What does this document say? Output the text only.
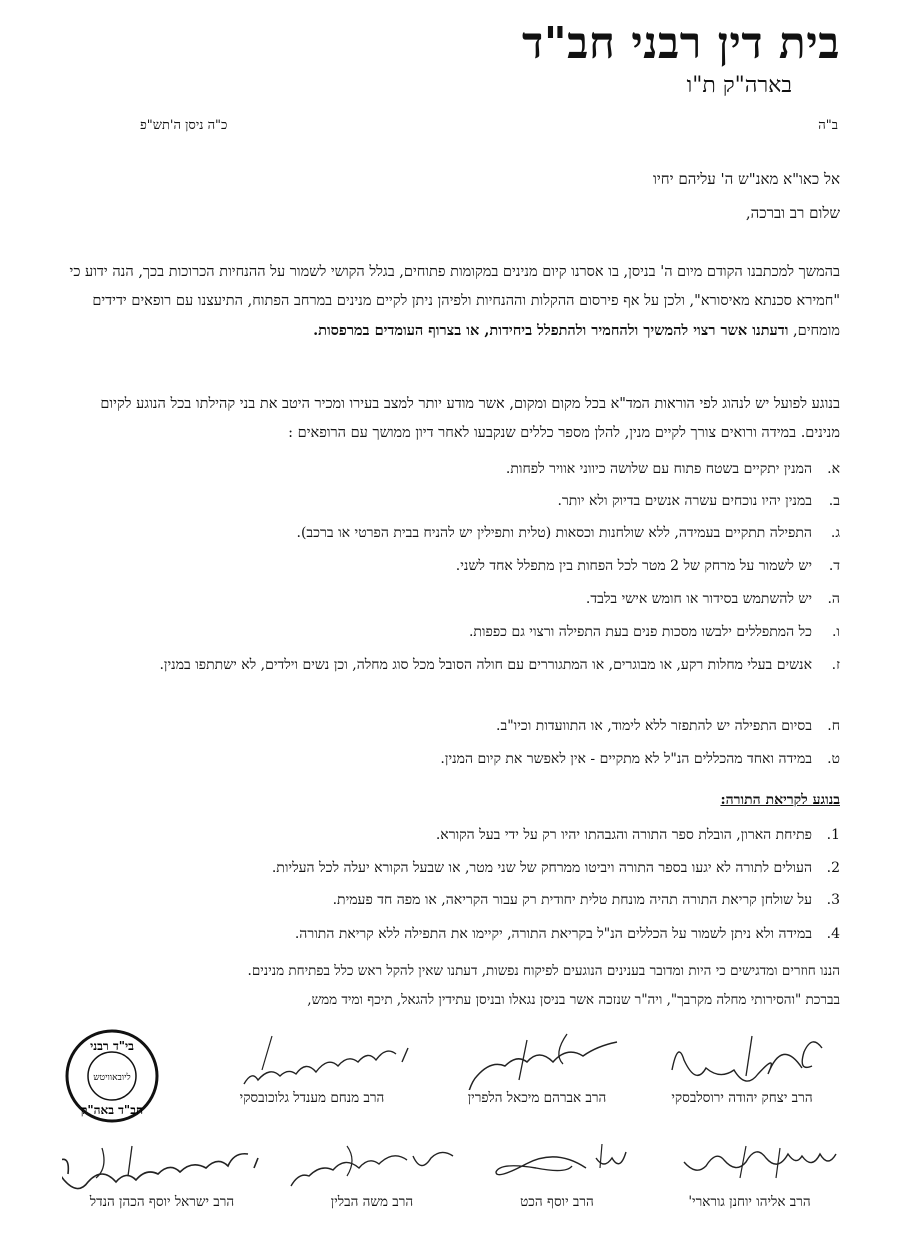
בית דין רבני חב"ד
בארה"ק ת"ו
ב"ה
כ"ה ניסן ה'תש"פ
אל כאו"א מאנ"ש ה' עליהם יחיו
שלום רב וברכה,
בהמשך למכתבנו הקודם מיום ה' בניסן, בו אסרנו קיום מנינים במקומות פתוחים, בגלל הקושי לשמור על ההנחיות הכרוכות בכך, הנה ידוע כי "חמירא סכנתא מאיסורא", ולכן על אף פירסום ההקלות וההנחיות ולפיהן ניתן לקיים מנינים במרחב הפתוח, התיעצנו עם רופאים ידידים מומחים, ודעתנו אשר רצוי להמשיך ולהחמיר ולהתפלל ביחידות, או בצרוף העומדים במרפסות.
בנוגע לפועל יש לנהוג לפי הוראות המד"א בכל מקום ומקום, אשר מודע יותר למצב בעירו ומכיר היטב את בני קהילתו בכל הנוגע לקיום מנינים. במידה ורואים צורך לקיים מנין, להלן מספר כללים שנקבעו לאחר דיון ממושך עם הרופאים :
א.
המנין יתקיים בשטח פתוח עם שלושה כיווני אוויר לפחות.
ב.
במנין יהיו נוכחים עשרה אנשים בדיוק ולא יותר.
ג.
התפילה תתקיים בעמידה, ללא שולחנות וכסאות (טלית ותפילין יש להניח בבית הפרטי או ברכב).
ד.
יש לשמור על מרחק של 2 מטר לכל הפחות בין מתפלל אחד לשני.
ה.
יש להשתמש בסידור או חומש אישי בלבד.
ו.
כל המתפללים ילבשו מסכות פנים בעת התפילה ורצוי גם כפפות.
ז.
אנשים בעלי מחלות רקע, או מבוגרים, או המתגוררים עם חולה הסובל מכל סוג מחלה, וכן נשים וילדים, לא ישתתפו במנין.
ח.
בסיום התפילה יש להתפזר ללא לימוד, או התוועדות וכיו"ב.
ט.
במידה ואחד מהכללים הנ"ל לא מתקיים - אין לאפשר את קיום המנין.
בנוגע לקריאת התורה:
1.
פתיחת הארון, הובלת ספר התורה והגבהתו יהיו רק על ידי בעל הקורא.
2.
העולים לתורה לא יגעו בספר התורה ויביטו ממרחק של שני מטר, או שבעל הקורא יעלה לכל העליות.
3.
על שולחן קריאת התורה תהיה מונחת טלית יחודית רק עבור הקריאה, או מפה חד פעמית.
4.
במידה ולא ניתן לשמור על הכללים הנ"ל בקריאת התורה, יקיימו את התפילה ללא קריאת התורה.
הננו חוזרים ומדגישים כי היות ומדובר בענינים הנוגעים לפיקוח נפשות, דעתנו שאין להקל ראש כלל בפתיחת מנינים.
בברכת "והסירותי מחלה מקרבך", ויה"ר שנזכה אשר בניסן נגאלו ובניסן עתידין להגאל, תיכף ומיד ממש,
הרב יצחק יהודה ירוסלבסקי
הרב אברהם מיכאל הלפרין
הרב מנחם מענדל גלוכובסקי
הרב אליהו יוחנן גורארי'
הרב יוסף הכט
הרב משה הבלין
הרב ישראל יוסף הכהן הנדל
בי"ד רבני
ליובאוויטש
חב"ד באה"ק
